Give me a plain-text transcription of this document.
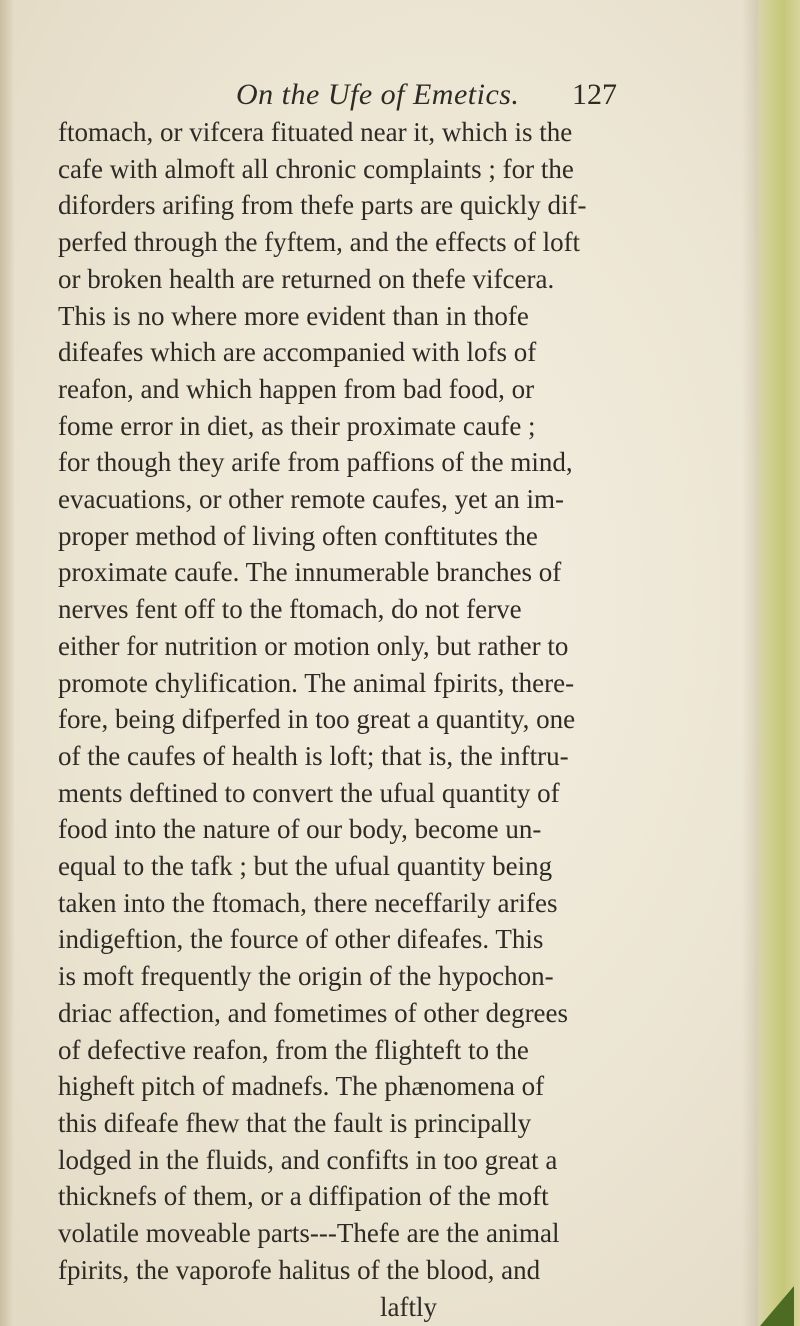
On the Ufe of Emetics. 127
ftomach, or vifcera fituated near it, which is the
cafe with almoft all chronic complaints ; for the
diforders arifing from thefe parts are quickly dif-
perfed through the fyftem, and the effects of loft
or broken health are returned on thefe vifcera.
This is no where more evident than in thofe
difeafes which are accompanied with lofs of
reafon, and which happen from bad food, or
fome error in diet, as their proximate caufe ;
for though they arife from paffions of the mind,
evacuations, or other remote caufes, yet an im-
proper method of living often conftitutes the
proximate caufe. The innumerable branches of
nerves fent off to the ftomach, do not ferve
either for nutrition or motion only, but rather to
promote chylification. The animal fpirits, there-
fore, being difperfed in too great a quantity, one
of the caufes of health is loft; that is, the inftru-
ments deftined to convert the ufual quantity of
food into the nature of our body, become un-
equal to the tafk ; but the ufual quantity being
taken into the ftomach, there neceffarily arifes
indigeftion, the fource of other difeafes. This
is moft frequently the origin of the hypochon-
driac affection, and fometimes of other degrees
of defective reafon, from the flighteft to the
higheft pitch of madnefs. The phænomena of
this difeafe fhew that the fault is principally
lodged in the fluids, and confifts in too great a
thicknefs of them, or a diffipation of the moft
volatile moveable parts---Thefe are the animal
fpirits, the vaporofe halitus of the blood, and
laftly
